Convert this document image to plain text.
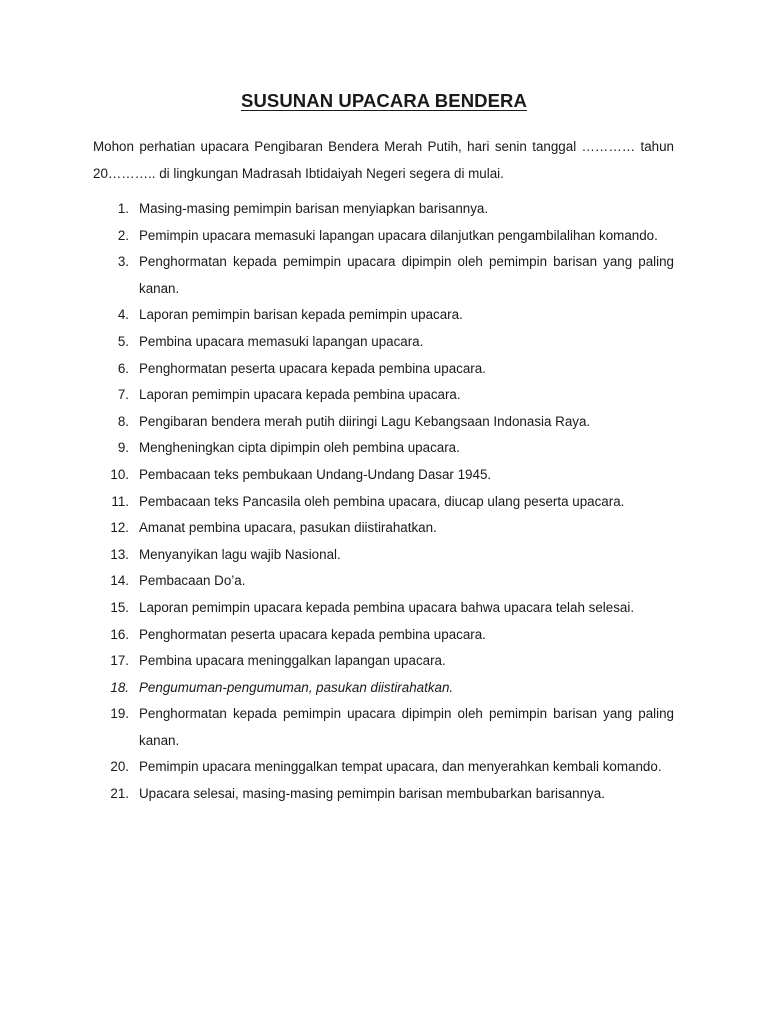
SUSUNAN UPACARA BENDERA

Mohon perhatian upacara Pengibaran Bendera Merah Putih, hari senin tanggal ………… tahun 20……….. di lingkungan Madrasah Ibtidaiyah Negeri segera di mulai.

1. Masing-masing pemimpin barisan menyiapkan barisannya.
2. Pemimpin upacara memasuki lapangan upacara dilanjutkan pengambilalihan komando.
3. Penghormatan kepada pemimpin upacara dipimpin oleh pemimpin barisan yang paling kanan.
4. Laporan pemimpin barisan kepada pemimpin upacara.
5. Pembina upacara memasuki lapangan upacara.
6. Penghormatan peserta upacara kepada pembina upacara.
7. Laporan pemimpin upacara kepada pembina upacara.
8. Pengibaran bendera merah putih diiringi Lagu Kebangsaan Indonasia Raya.
9. Mengheningkan cipta dipimpin oleh pembina upacara.
10. Pembacaan teks pembukaan Undang-Undang Dasar 1945.
11. Pembacaan teks Pancasila oleh pembina upacara, diucap ulang peserta upacara.
12. Amanat pembina upacara, pasukan diistirahatkan.
13. Menyanyikan lagu wajib Nasional.
14. Pembacaan Do’a.
15. Laporan pemimpin upacara kepada pembina upacara bahwa upacara telah selesai.
16. Penghormatan peserta upacara kepada pembina upacara.
17. Pembina upacara meninggalkan lapangan upacara.
18. Pengumuman-pengumuman, pasukan diistirahatkan.
19. Penghormatan kepada pemimpin upacara dipimpin oleh pemimpin barisan yang paling kanan.
20. Pemimpin upacara meninggalkan tempat upacara, dan menyerahkan kembali komando.
21. Upacara selesai, masing-masing pemimpin barisan membubarkan barisannya.
